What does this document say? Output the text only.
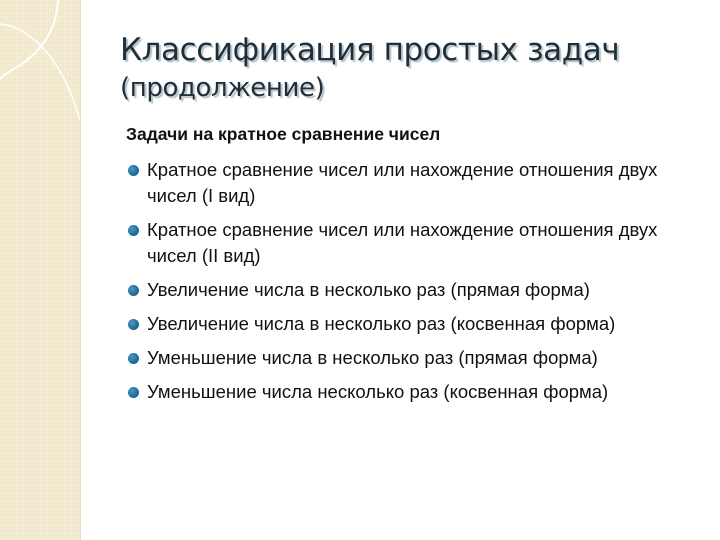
Классификация простых задач
(продолжение)
Задачи на кратное сравнение чисел
Кратное сравнение чисел или нахождение отношения двух чисел (I вид)
Кратное сравнение чисел или нахождение отношения двух чисел (II вид)
Увеличение числа в несколько раз (прямая форма)
Увеличение числа в несколько раз (косвенная форма)
Уменьшение числа в несколько раз (прямая форма)
Уменьшение числа несколько раз (косвенная форма)
